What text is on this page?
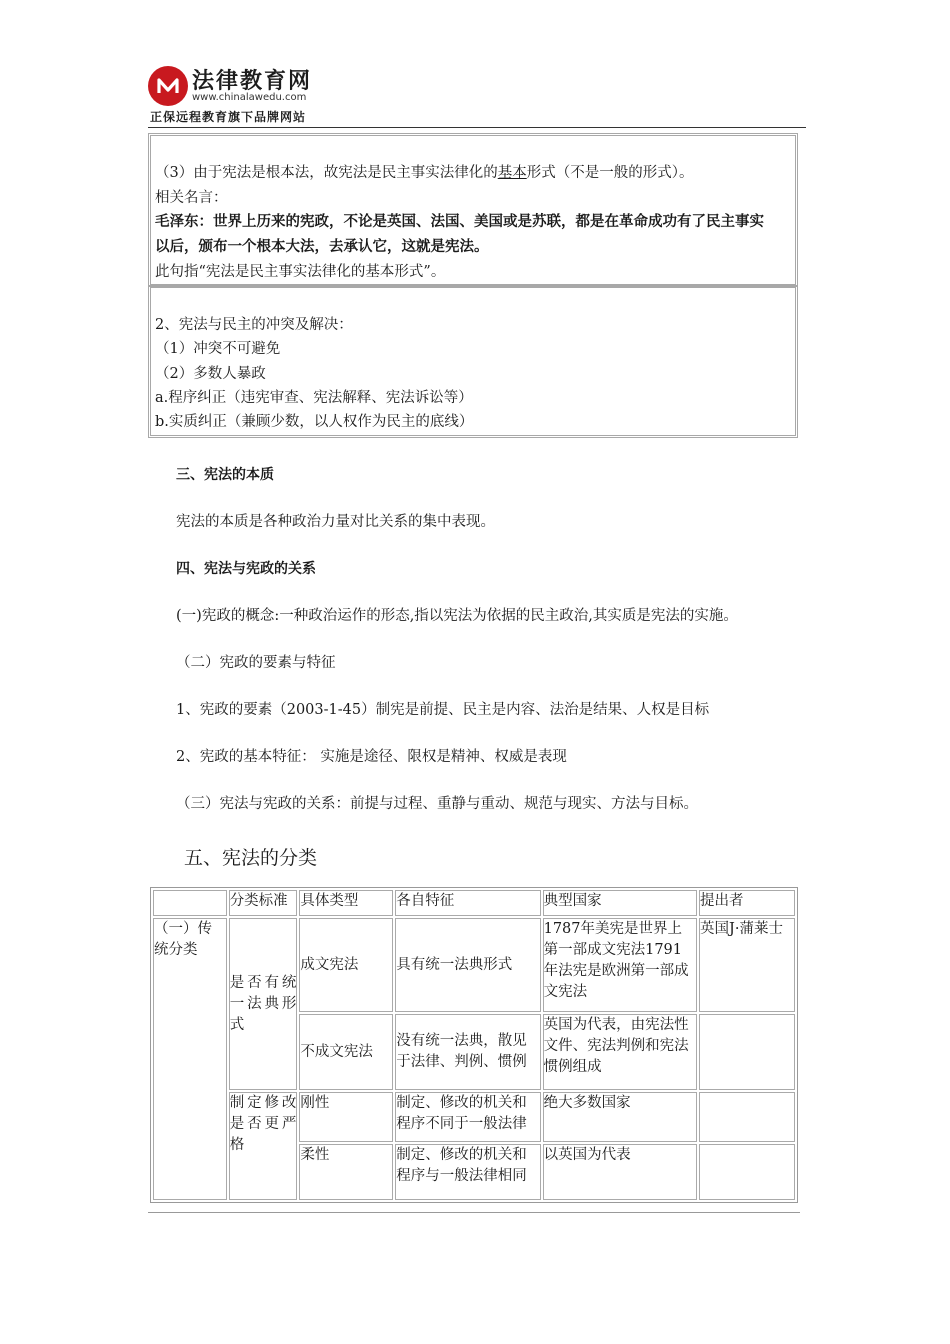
法律教育网
www.chinalawedu.com
正保远程教育旗下品牌网站
（3）由于宪法是根本法，故宪法是民主事实法律化的基本形式（不是一般的形式）。
相关名言：
毛泽东：世界上历来的宪政，不论是英国、法国、美国或是苏联，都是在革命成功有了民主事实
以后，颁布一个根本大法，去承认它，这就是宪法。
此句指“宪法是民主事实法律化的基本形式”。
2、宪法与民主的冲突及解决：
（1）冲突不可避免
（2）多数人暴政
a.程序纠正（违宪审查、宪法解释、宪法诉讼等）
b.实质纠正（兼顾少数，以人权作为民主的底线）
三、宪法的本质
宪法的本质是各种政治力量对比关系的集中表现。
四、宪法与宪政的关系
(一)宪政的概念:一种政治运作的形态,指以宪法为依据的民主政治,其实质是宪法的实施。
（二）宪政的要素与特征
1、宪政的要素（2003-1-45）制宪是前提、民主是内容、法治是结果、人权是目标
2、宪政的基本特征： 实施是途径、限权是精神、权威是表现
（三）宪法与宪政的关系：前提与过程、重静与重动、规范与现实、方法与目标。
五、宪法的分类
	分类标准	具体类型	各自特征	典型国家	提出者
（一）传统分类	是否有统一法典形式	成文宪法	具有统一法典形式	1787年美宪是世界上第一部成文宪法1791年法宪是欧洲第一部成文宪法	英国J·蒲莱士
		不成文宪法	没有统一法典，散见于法律、判例、惯例	英国为代表，由宪法性文件、宪法判例和宪法惯例组成	
	制定修改是否更严格	刚性	制定、修改的机关和程序不同于一般法律	绝大多数国家	
		柔性	制定、修改的机关和程序与一般法律相同	以英国为代表	
